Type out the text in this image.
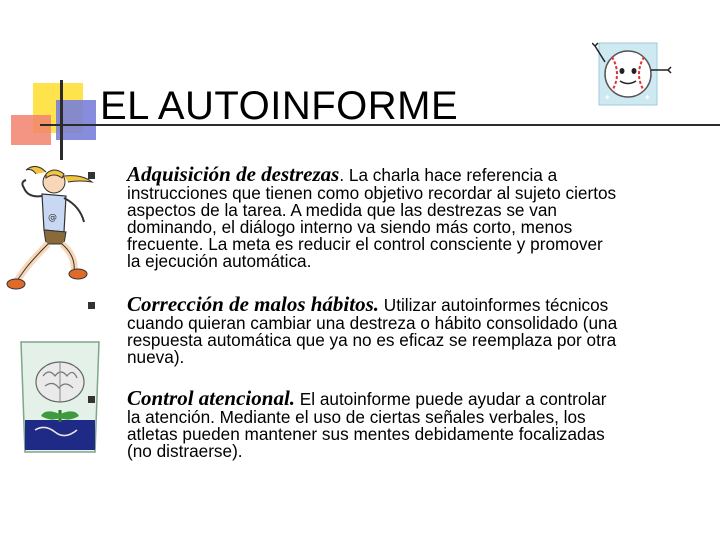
EL AUTOINFORME	✦
✦
@
Adquisición de destrezas. La charla hace referencia a
instrucciones que tienen como objetivo recordar al sujeto ciertos
aspectos de la tarea. A medida que las destrezas se van
dominando, el diálogo interno va siendo más corto, menos
frecuente. La meta es reducir el control consciente y promover
la ejecución automática.
Corrección de malos hábitos. Utilizar autoinformes técnicos
cuando quieran cambiar una destreza o hábito consolidado (una
respuesta automática que ya no es eficaz se reemplaza por otra
nueva).
Control atencional. El autoinforme puede ayudar a controlar
la atención. Mediante el uso de ciertas señales verbales, los
atletas pueden mantener sus mentes debidamente focalizadas
(no distraerse).
